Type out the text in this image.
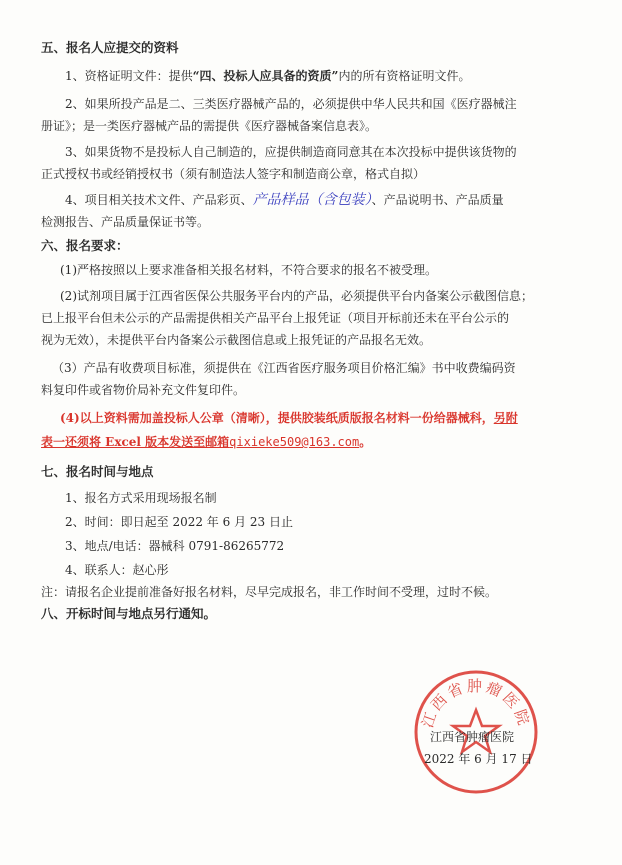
五、报名人应提交的资料
1、资格证明文件：提供“四、投标人应具备的资质”内的所有资格证明文件。
2、如果所投产品是二、三类医疗器械产品的，必须提供中华人民共和国《医疗器械注
册证》；是一类医疗器械产品的需提供《医疗器械备案信息表》。
3、如果货物不是投标人自己制造的，应提供制造商同意其在本次投标中提供该货物的
正式授权书或经销授权书（须有制造法人签字和制造商公章，格式自拟）
4、项目相关技术文件、产品彩页、产品样品（含包装）、产品说明书、产品质量
检测报告、产品质量保证书等。
六、报名要求：
(1)严格按照以上要求准备相关报名材料，不符合要求的报名不被受理。
(2)试剂项目属于江西省医保公共服务平台内的产品，必须提供平台内备案公示截图信息；
已上报平台但未公示的产品需提供相关产品平台上报凭证（项目开标前还未在平台公示的
视为无效），未提供平台内备案公示截图信息或上报凭证的产品报名无效。
（3）产品有收费项目标准，须提供在《江西省医疗服务项目价格汇编》书中收费编码资
料复印件或省物价局补充文件复印件。
(4)以上资料需加盖投标人公章（清晰），提供胶装纸质版报名材料一份给器械科，另附
表一还须将 Excel 版本发送至邮箱qixieke509@163.com。
七、报名时间与地点
1、报名方式采用现场报名制
2、时间：即日起至 2022 年 6 月 23 日止
3、地点/电话：器械科 0791-86265772
4、联系人：赵心彤
注：请报名企业提前准备好报名材料，尽早完成报名，非工作时间不受理，过时不候。
八、开标时间与地点另行通知。
江西省肿瘤医院
江西省肿瘤医院
2022 年 6 月 17 日
